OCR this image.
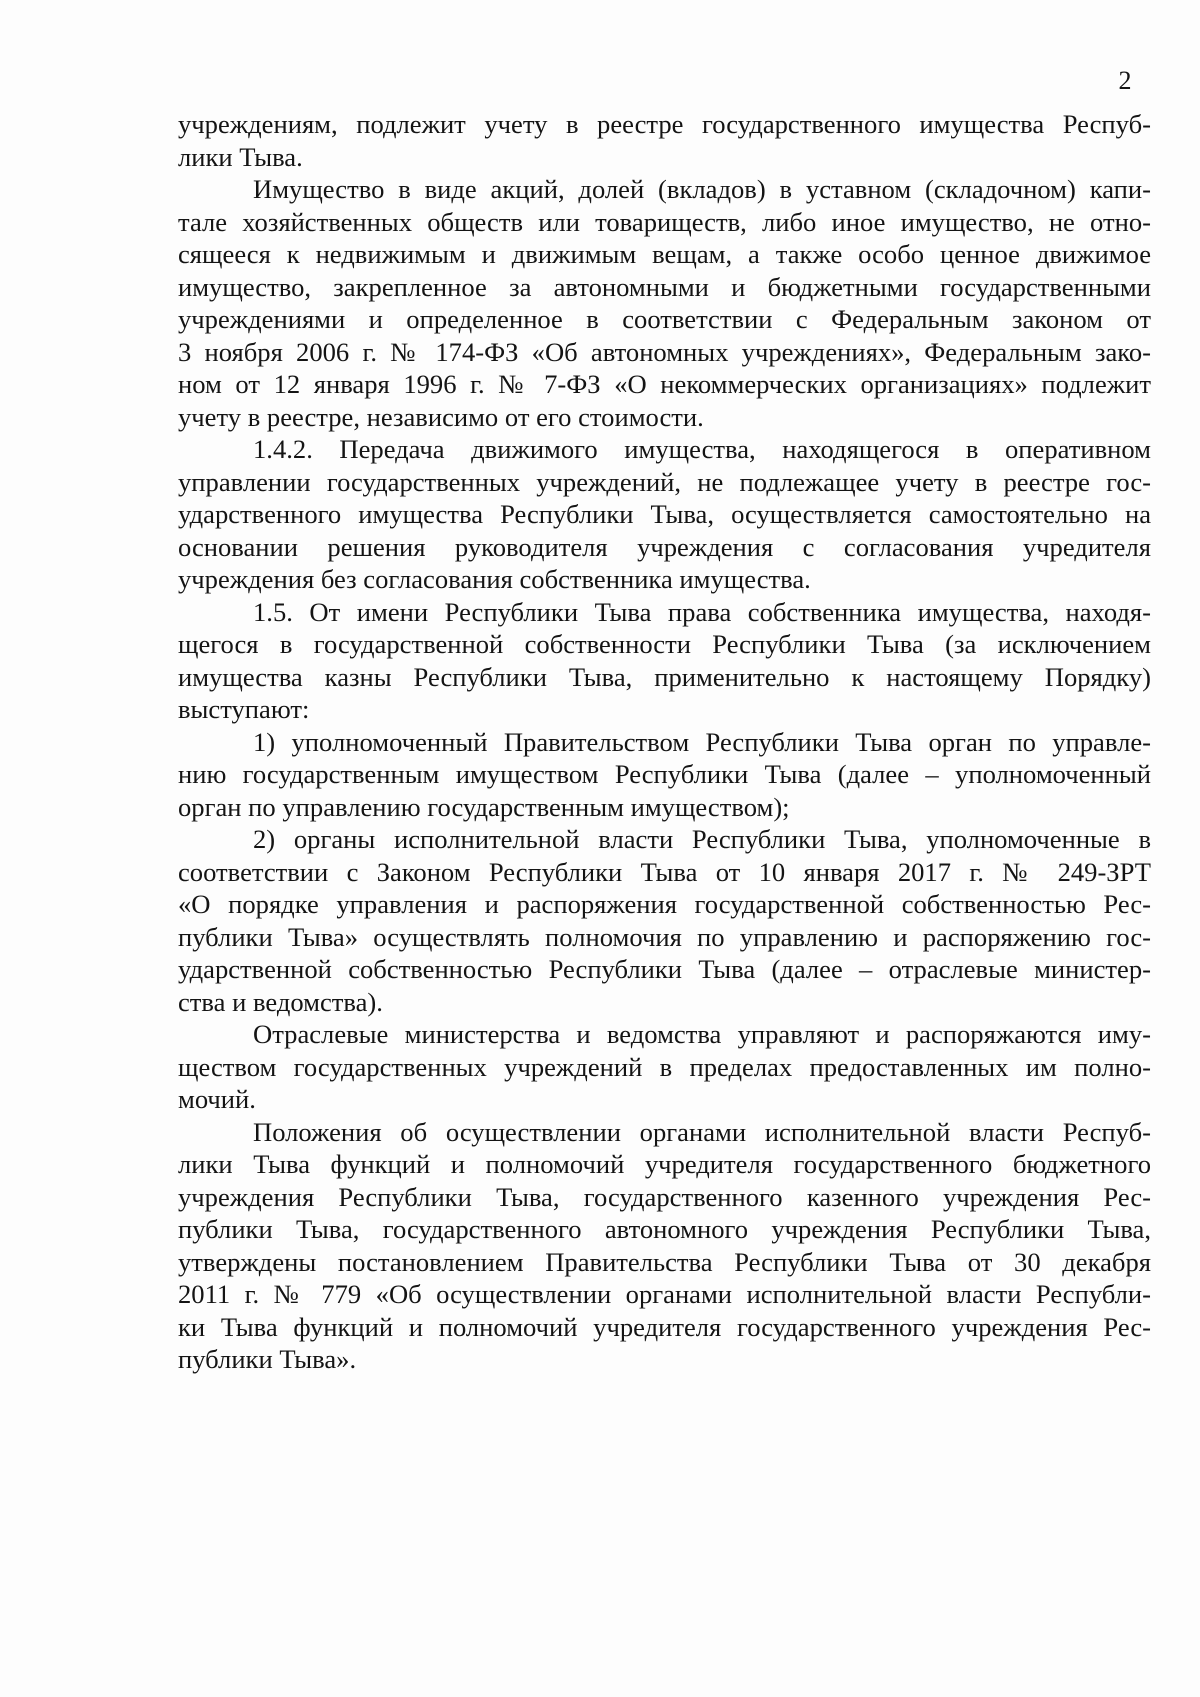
2

учреждениям, подлежит учету в реестре государственного имущества Респуб-
лики Тыва.

Имущество в виде акций, долей (вкладов) в уставном (складочном) капи-
тале хозяйственных обществ или товариществ, либо иное имущество, не отно-
сящееся к недвижимым и движимым вещам, а также особо ценное движимое
имущество, закрепленное за автономными и бюджетными государственными
учреждениями и определенное в соответствии с Федеральным законом от
3 ноября 2006 г. № 174-ФЗ «Об автономных учреждениях», Федеральным зако-
ном от 12 января 1996 г. № 7-ФЗ «О некоммерческих организациях» подлежит
учету в реестре, независимо от его стоимости.

1.4.2. Передача движимого имущества, находящегося в оперативном
управлении государственных учреждений, не подлежащее учету в реестре гос-
ударственного имущества Республики Тыва, осуществляется самостоятельно на
основании решения руководителя учреждения с согласования учредителя
учреждения без согласования собственника имущества.

1.5. От имени Республики Тыва права собственника имущества, находя-
щегося в государственной собственности Республики Тыва (за исключением
имущества казны Республики Тыва, применительно к настоящему Порядку)
выступают:

1) уполномоченный Правительством Республики Тыва орган по управле-
нию государственным имуществом Республики Тыва (далее – уполномоченный
орган по управлению государственным имуществом);

2) органы исполнительной власти Республики Тыва, уполномоченные в
соответствии с Законом Республики Тыва от 10 января 2017 г. № 249-ЗРТ
«О порядке управления и распоряжения государственной собственностью Рес-
публики Тыва» осуществлять полномочия по управлению и распоряжению гос-
ударственной собственностью Республики Тыва (далее – отраслевые министер-
ства и ведомства).

Отраслевые министерства и ведомства управляют и распоряжаются иму-
ществом государственных учреждений в пределах предоставленных им полно-
мочий.

Положения об осуществлении органами исполнительной власти Респуб-
лики Тыва функций и полномочий учредителя государственного бюджетного
учреждения Республики Тыва, государственного казенного учреждения Рес-
публики Тыва, государственного автономного учреждения Республики Тыва,
утверждены постановлением Правительства Республики Тыва от 30 декабря
2011 г. № 779 «Об осуществлении органами исполнительной власти Республи-
ки Тыва функций и полномочий учредителя государственного учреждения Рес-
публики Тыва».
